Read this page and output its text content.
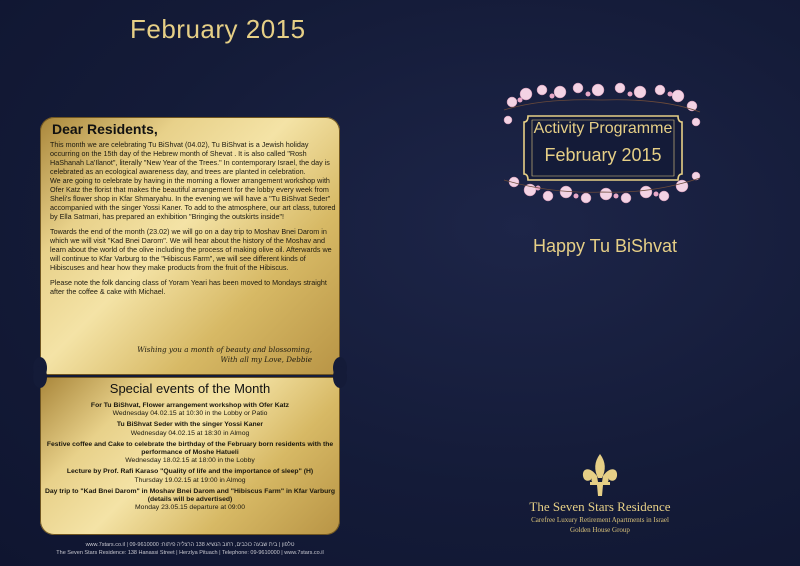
February 2015
Dear Residents,

This month we are celebrating Tu BiShvat (04.02), Tu BiShvat is a Jewish holiday occurring on the 15th day of the Hebrew month of Shevat . It is also called "Rosh HaShanah La'Ilanot", literally "New Year of the Trees." In contemporary Israel, the day is celebrated as an ecological awareness day, and trees are planted in celebration.

We are going to celebrate by having in the morning a flower arrangement workshop with Ofer Katz the florist that makes the beautiful arrangement for the lobby every week from Sheli's flower shop in Kfar Shmaryahu. In the evening we will have a "Tu BiShvat Seder" accompanied with the singer Yossi Kaner. To add to the atmosphere, our art class, tutored by Ella Satmari, has prepared an exhibition "Bringing the outskirts inside"!

Towards the end of the month (23.02) we will go on a day trip to Moshav Bnei Darom in which we will visit "Kad Bnei Darom". We will hear about the history of the Moshav and learn about the world of the olive including the process of making olive oil. Afterwards we will continue to Kfar Varburg to the "Hibiscus Farm", we will see different kinds of Hibiscuses and hear how they make products from the fruit of the Hibiscus.

Please note the folk dancing class of Yoram Yeari has been moved to Mondays straight after the coffee & cake with Michael.

Wishing you a month of beauty and blossoming,
With all my Love, Debbie
Special events of the Month
For Tu BiShvat, Flower arrangement workshop with Ofer Katz
Wednesday 04.02.15 at 10:30 in the Lobby or Patio
Tu BiShvat Seder with the singer Yossi Kaner
Wednesday 04.02.15 at 18:30 in Almog
Festive coffee and Cake to celebrate the birthday of the February born residents with the performance of Moshe Hatueli
Wednesday 18.02.15 at 18:00 in the Lobby
Lecture by Prof. Rafi Karaso "Quality of life and the importance of sleep" (H)
Thursday 19.02.15 at 19:00 in Almog
Day trip to "Kad Bnei Darom" in Moshav Bnei Darom and "Hibiscus Farm" in Kfar Varburg (details will be advertised)
Monday 23.05.15 departure at 09:00
www.7stars.co.il | 09-9610000 :טלפון | בית שבעה כוכבים, רחוב הנשיא 138 הרצליה פיתוח
The Seven Stars Residence: 138 Hanassi Street | Herzlya Pituach | Telephone: 09-9610000 | www.7stars.co.il
Activity Programme
February 2015
Happy Tu BiShvat
The Seven Stars Residence
Carefree Luxury Retirement Apartments in Israel
Golden House Group
